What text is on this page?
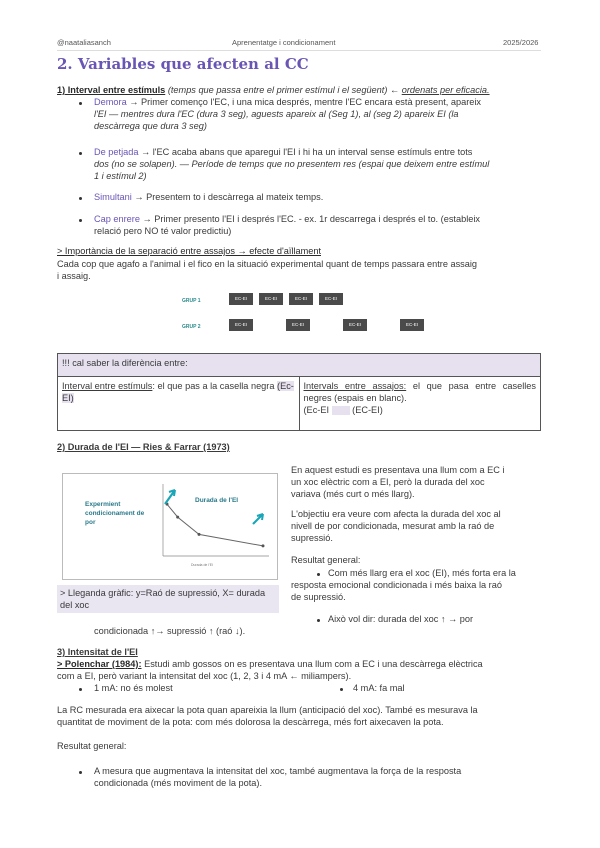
@naataliasanch	Aprenentatge i condicionament	2025/2026
2. Variables que afecten al CC
1) Interval entre estímuls (temps que passa entre el primer estímul i el següent) ← ordenats per eficacia.
Demora → Primer començo l'EC, i una mica després, mentre l'EC encara està present, apareix
l'EI — mentres dura l'EC (dura 3 seg), aguests apareix al (Seg 1), al (seg 2) apareix EI (la
descàrrega que dura 3 seg)
De petjada → l'EC acaba abans que aparegui l'EI i hi ha un interval sense estímuls entre tots
dos (no se solapen). — Període de temps que no presentem res (espai que deixem entre estímul
1 i estímul 2)
Simultani → Presentem to i descàrrega al mateix temps.
Cap enrere → Primer presento l'EI i després l'EC. - ex. 1r descarrega i després el to. (estableix
relació pero NO té valor predictiu)
> Importància de la separació entre assajos → efecte d'aïllament
Cada cop que agafo a l'animal i el fico en la situació experimental quant de temps passara entre assaig
i assaig.
GRUP 1	EC-EI	EC-EI	EC-EI	EC-EI
GRUP 2	EC-EI	EC-EI	EC-EI	EC-EI
!!! cal saber la diferència entre:
Interval entre estímuls: el que pas a la casella negra (Ec-EI)	Intervals entre assajos: el que pasa entre caselles negres (espais en blanc).
(Ec-EI  (EC-EI)
2) Durada de l'EI — Ries & Farrar (1973)
Durada de l'EI
Durada de l'EI
Expermient condicionament de por
> Lleganda gràfic: y=Raó de supressió, X= durada del xoc
En aquest estudi es presentava una llum com a EC i
un xoc elèctric com a EI, però la durada del xoc
variava (més curt o més llarg).
L'objectiu era veure com afecta la durada del xoc al
nivell de por condicionada, mesurat amb la raó de
supressió.
Resultat general:
Com més llarg era el xoc (EI), més forta era la
resposta emocional condicionada i més baixa la raó
de supressió.
Això vol dir: durada del xoc ↑ → por
condicionada ↑→ supressió ↑ (raó ↓).
3) Intensitat de l'EI
> Polenchar (1984): Estudi amb gossos on es presentava una llum com a EC i una descàrrega elèctrica
com a EI, però variant la intensitat del xoc (1, 2, 3 i 4 mA ← miliampers).
1 mA: no és molest	4 mA: fa mal
La RC mesurada era aixecar la pota quan apareixia la llum (anticipació del xoc). També es mesurava la
quantitat de moviment de la pota: com més dolorosa la descàrrega, més fort aixecaven la pota.
Resultat general:
A mesura que augmentava la intensitat del xoc, també augmentava la força de la resposta
condicionada (més moviment de la pota).
